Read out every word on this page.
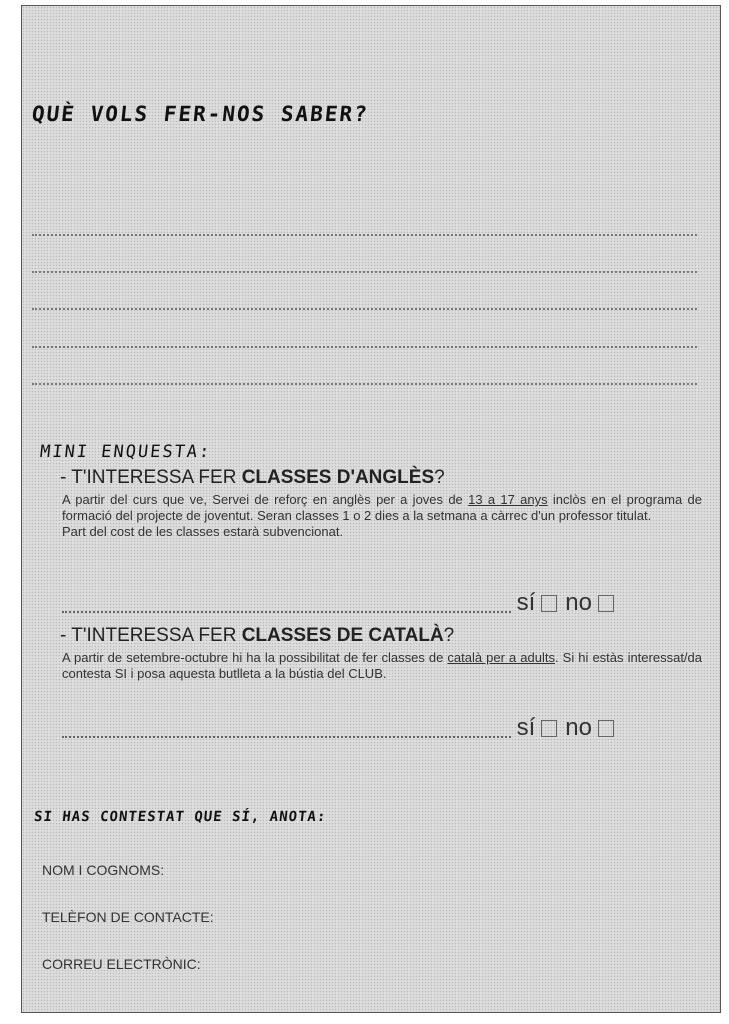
QUÈ VOLS FER-NOS SABER?
MINI ENQUESTA:
- T'INTERESSA FER CLASSES D'ANGLÈS?
A partir del curs que ve, Servei de reforç en anglès per a joves de 13 a 17 anys inclòs en el programa de formació del projecte de joventut. Seran classes 1 o 2 dies a la setmana a càrrec d'un professor titulat.
Part del cost de les classes estarà subvencionat.
sí no
- T'INTERESSA FER CLASSES DE CATALÀ?
A partir de setembre-octubre hi ha la possibilitat de fer classes de català per a adults. Si hi estàs interessat/da contesta SI i posa aquesta butlleta a la bústia del CLUB.
sí no
SI HAS CONTESTAT QUE SÍ, ANOTA:
NOM I COGNOMS:
TELÈFON DE CONTACTE:
CORREU ELECTRÒNIC:
